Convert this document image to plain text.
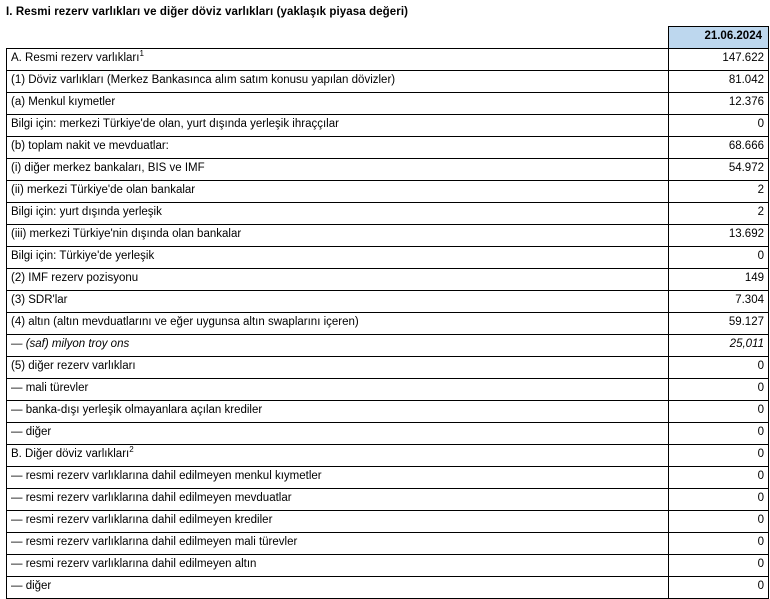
I. Resmi rezerv varlıkları ve diğer döviz varlıkları (yaklaşık piyasa değeri)
	21.06.2024
A. Resmi rezerv varlıkları$^1$	147.622
(1) Döviz varlıkları (Merkez Bankasınca alım satım konusu yapılan dövizler)	81.042
(a) Menkul kıymetler	12.376
Bilgi için: merkezi Türkiye'de olan, yurt dışında yerleşik ihraççılar	0
(b) toplam nakit ve mevduatlar:	68.666
(i) diğer merkez bankaları, BIS ve IMF	54.972
(ii) merkezi Türkiye'de olan bankalar	2
Bilgi için: yurt dışında yerleşik	2
(iii) merkezi Türkiye'nin dışında olan bankalar	13.692
Bilgi için: Türkiye'de yerleşik	0
(2) IMF rezerv pozisyonu	149
(3) SDR'lar	7.304
(4) altın (altın mevduatlarını ve eğer uygunsa altın swaplarını içeren)	59.127
— (saf) milyon troy ons	25,011
(5) diğer rezerv varlıkları	0
— mali türevler	0
— banka-dışı yerleşik olmayanlara açılan krediler	0
— diğer	0
B. Diğer döviz varlıkları$^2$	0
— resmi rezerv varlıklarına dahil edilmeyen menkul kıymetler	0
— resmi rezerv varlıklarına dahil edilmeyen mevduatlar	0
— resmi rezerv varlıklarına dahil edilmeyen krediler	0
— resmi rezerv varlıklarına dahil edilmeyen mali türevler	0
— resmi rezerv varlıklarına dahil edilmeyen altın	0
— diğer	0
